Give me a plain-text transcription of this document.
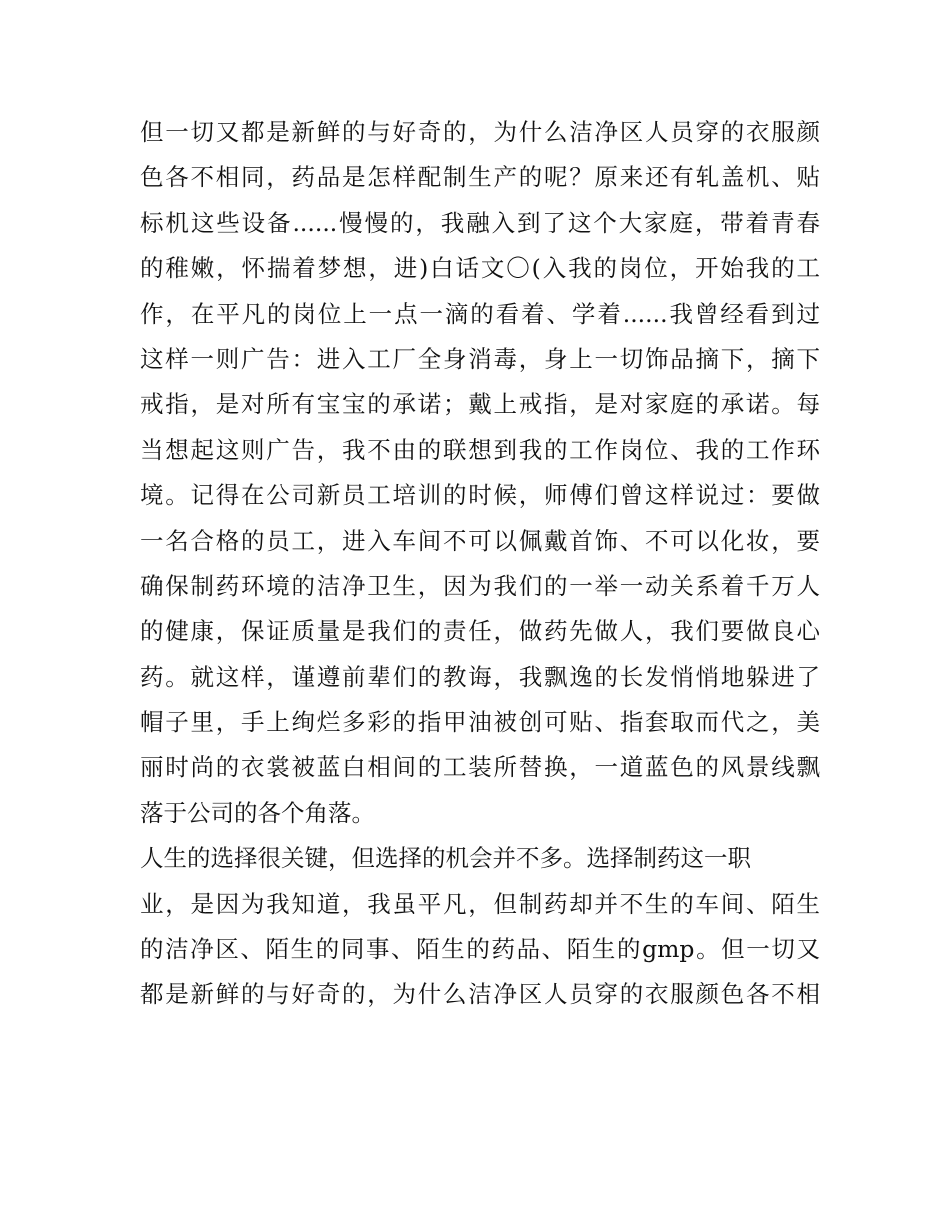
但一切又都是新鲜的与好奇的，为什么洁净区人员穿的衣服颜
色各不相同，药品是怎样配制生产的呢？原来还有轧盖机、贴
标机这些设备......慢慢的，我融入到了这个大家庭，带着青春
的稚嫩，怀揣着梦想，进)白话文〇(入我的岗位，开始我的工
作，在平凡的岗位上一点一滴的看着、学着......我曾经看到过
这样一则广告：进入工厂全身消毒，身上一切饰品摘下，摘下
戒指，是对所有宝宝的承诺；戴上戒指，是对家庭的承诺。每
当想起这则广告，我不由的联想到我的工作岗位、我的工作环
境。记得在公司新员工培训的时候，师傅们曾这样说过：要做
一名合格的员工，进入车间不可以佩戴首饰、不可以化妆，要
确保制药环境的洁净卫生，因为我们的一举一动关系着千万人
的健康，保证质量是我们的责任，做药先做人，我们要做良心
药。就这样，谨遵前辈们的教诲，我飘逸的长发悄悄地躲进了
帽子里，手上绚烂多彩的指甲油被创可贴、指套取而代之，美
丽时尚的衣裳被蓝白相间的工装所替换，一道蓝色的风景线飘
落于公司的各个角落。
人生的选择很关键，但选择的机会并不多。选择制药这一职
业，是因为我知道，我虽平凡，但制药却并不生的车间、陌生
的洁净区、陌生的同事、陌生的药品、陌生的gmp。但一切又
都是新鲜的与好奇的，为什么洁净区人员穿的衣服颜色各不相
